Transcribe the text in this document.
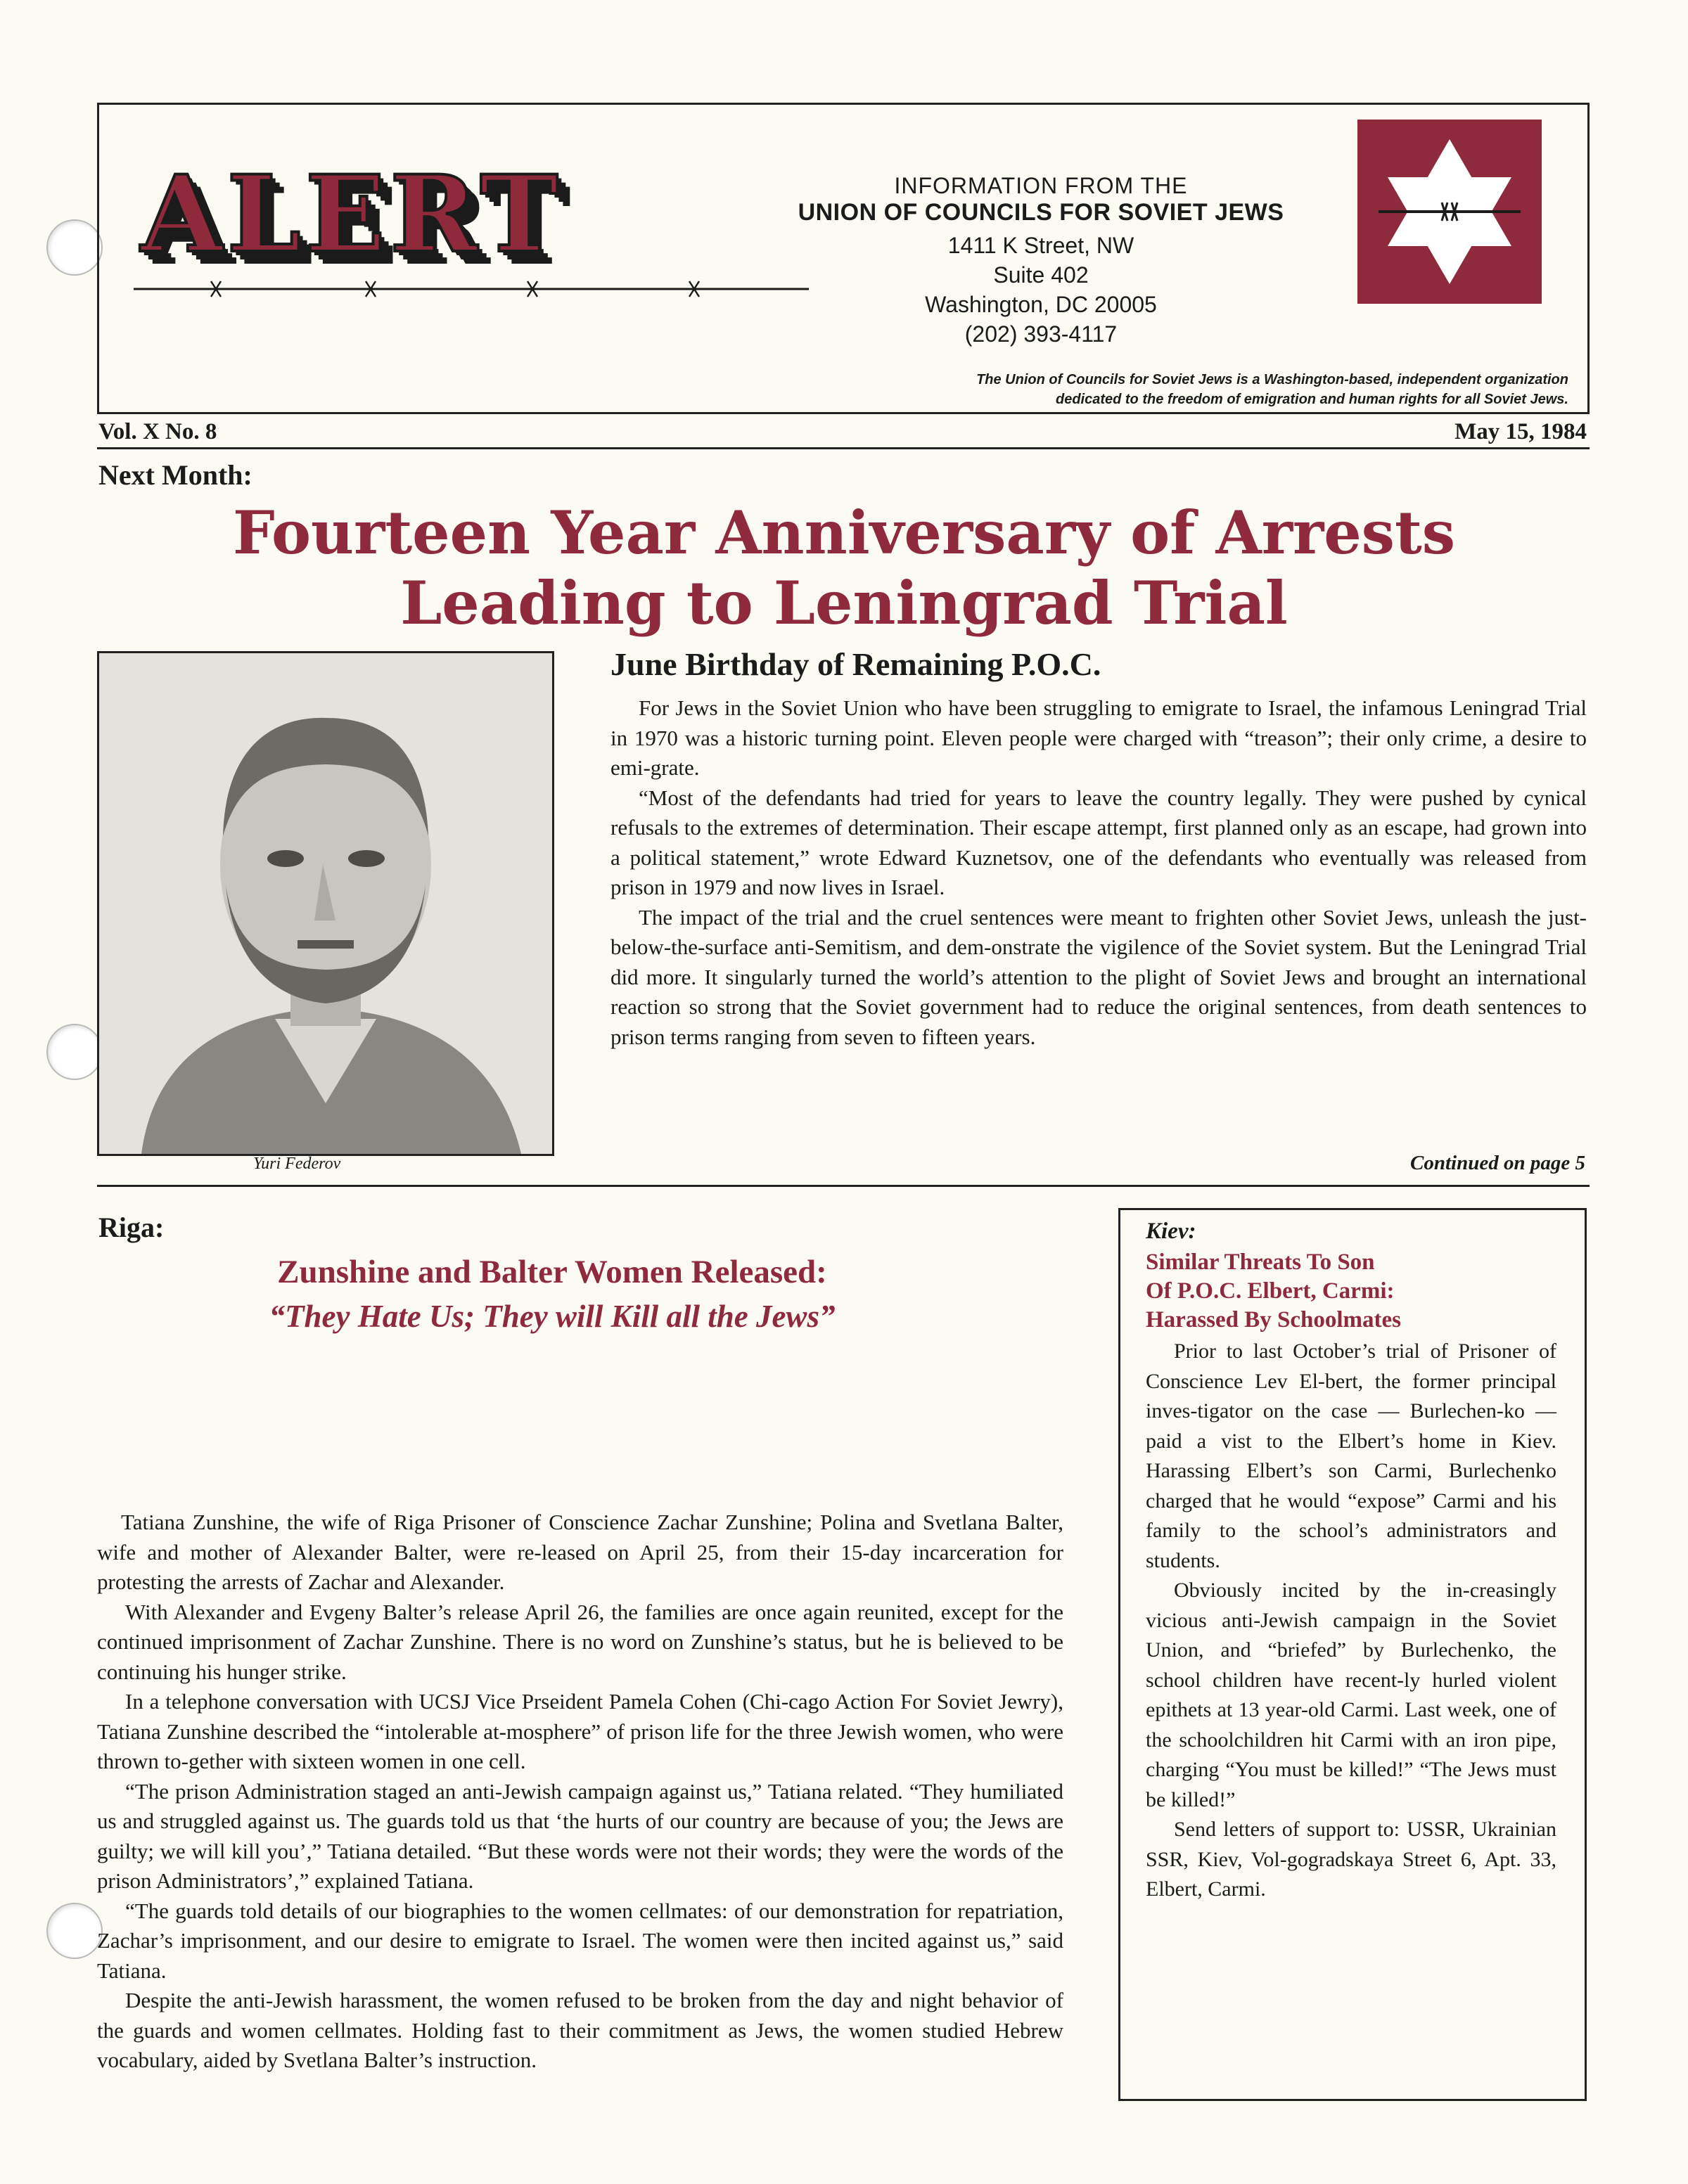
ALERT	INFORMATION FROM THE
UNION OF COUNCILS FOR SOVIET JEWS
1411 K Street, NW
Suite 402
Washington, DC 20005
(202) 393-4117
The Union of Councils for Soviet Jews is a Washington-based, independent organization
dedicated to the freedom of emigration and human rights for all Soviet Jews.
Vol. X No. 8	May 15, 1984
Next Month:
Fourteen Year Anniversary of Arrests
Leading to Leningrad Trial
Yuri Federov
June Birthday of Remaining P.O.C.

For Jews in the Soviet Union who have been struggling to emigrate to Israel, the infamous Leningrad Trial in 1970 was a historic turning point. Eleven people were charged with “treason”; their only crime, a desire to emi-grate.

“Most of the defendants had tried for years to leave the country legally. They were pushed by cynical refusals to the extremes of determination. Their escape attempt, first planned only as an escape, had grown into a political statement,” wrote Edward Kuznetsov, one of the defendants who eventually was released from prison in 1979 and now lives in Israel.

The impact of the trial and the cruel sentences were meant to frighten other Soviet Jews, unleash the just-below-the-surface anti-Semitism, and dem-onstrate the vigilence of the Soviet system. But the Leningrad Trial did more. It singularly turned the world’s attention to the plight of Soviet Jews and brought an international reaction so strong that the Soviet government had to reduce the original sentences, from death sentences to prison terms ranging from seven to fifteen years.

Continued on page 5
Riga:
Zunshine and Balter Women Released:
“They Hate Us; They will Kill all the Jews”

Tatiana Zunshine, the wife of Riga Prisoner of Conscience Zachar Zunshine; Polina and Svetlana Balter, wife and mother of Alexander Balter, were re-leased on April 25, from their 15-day incarceration for protesting the arrests of Zachar and Alexander.

With Alexander and Evgeny Balter’s release April 26, the families are once again reunited, except for the continued imprisonment of Zachar Zunshine. There is no word on Zunshine’s status, but he is believed to be continuing his hunger strike.

In a telephone conversation with UCSJ Vice Prseident Pamela Cohen (Chi-cago Action For Soviet Jewry), Tatiana Zunshine described the “intolerable at-mosphere” of prison life for the three Jewish women, who were thrown to-gether with sixteen women in one cell.

“The prison Administration staged an anti-Jewish campaign against us,” Tatiana related. “They humiliated us and struggled against us. The guards told us that ‘the hurts of our country are because of you; the Jews are guilty; we will kill you’,” Tatiana detailed. “But these words were not their words; they were the words of the prison Administrators’,” explained Tatiana.

“The guards told details of our biographies to the women cellmates: of our demonstration for repatriation, Zachar’s imprisonment, and our desire to emigrate to Israel. The women were then incited against us,” said Tatiana.

Despite the anti-Jewish harassment, the women refused to be broken from the day and night behavior of the guards and women cellmates. Holding fast to their commitment as Jews, the women studied Hebrew vocabulary, aided by Svetlana Balter’s instruction.

Kiev:
Similar Threats To Son
Of P.O.C. Elbert, Carmi:
Harassed By Schoolmates

Prior to last October’s trial of Prisoner of Conscience Lev El-bert, the former principal inves-tigator on the case — Burlechen-ko — paid a vist to the Elbert’s home in Kiev. Harassing Elbert’s son Carmi, Burlechenko charged that he would “expose” Carmi and his family to the school’s administrators and students.

Obviously incited by the in-creasingly vicious anti-Jewish campaign in the Soviet Union, and “briefed” by Burlechenko, the school children have recent-ly hurled violent epithets at 13 year-old Carmi. Last week, one of the schoolchildren hit Carmi with an iron pipe, charging “You must be killed!” “The Jews must be killed!”

Send letters of support to: USSR, Ukrainian SSR, Kiev, Vol-gogradskaya Street 6, Apt. 33, Elbert, Carmi.
